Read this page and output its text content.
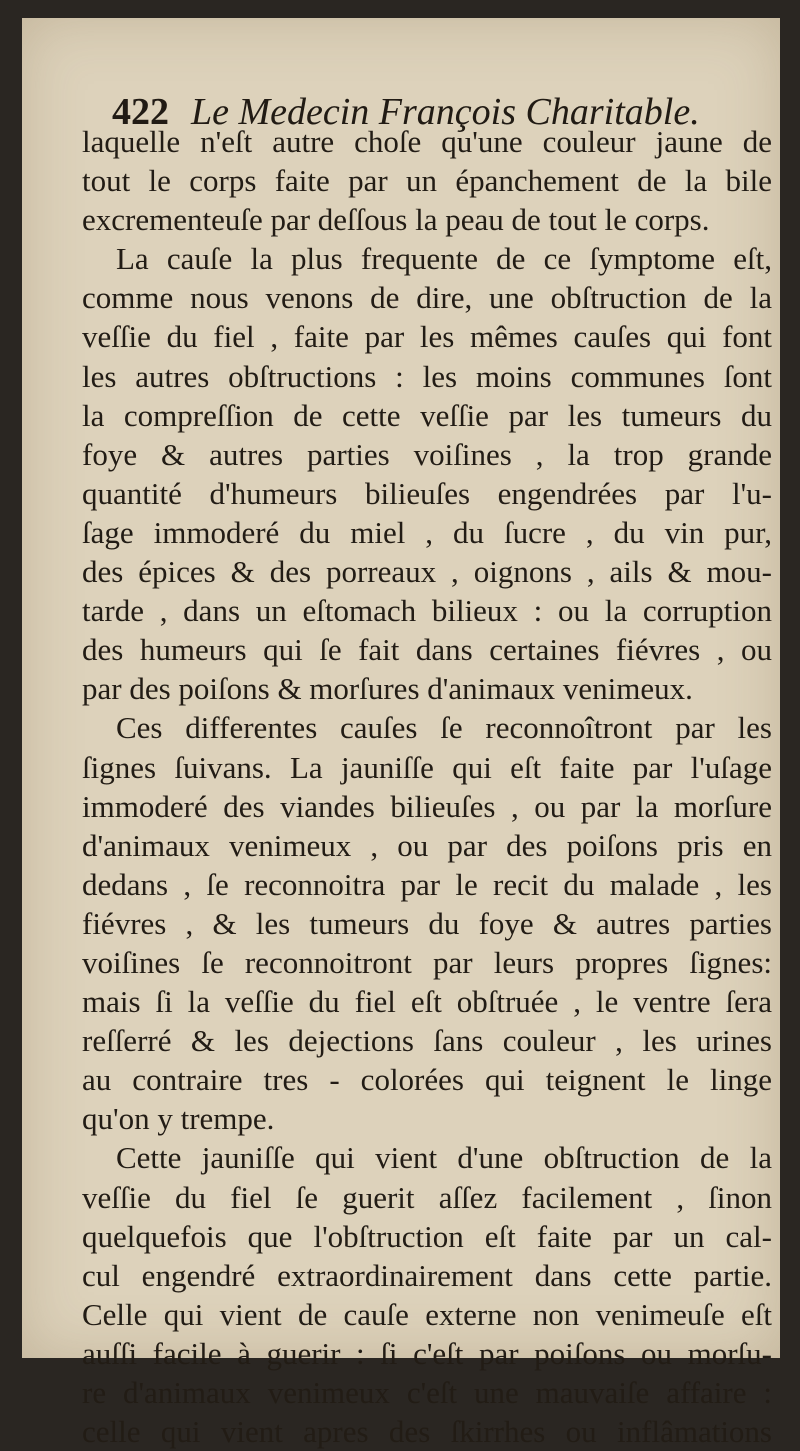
422 Le Medecin François Charitable.
laquelle n'eſt autre choſe qu'une couleur jaune de
tout le corps faite par un épanchement de la bile
excrementeuſe par deſſous la peau de tout le corps.
La cauſe la plus frequente de ce ſymptome eſt,
comme nous venons de dire, une obſtruction de la
veſſie du fiel , faite par les mêmes cauſes qui font
les autres obſtructions : les moins communes ſont
la compreſſion de cette veſſie par les tumeurs du
foye & autres parties voiſines , la trop grande
quantité d'humeurs bilieuſes engendrées par l'u-
ſage immoderé du miel , du ſucre , du vin pur,
des épices & des porreaux , oignons , ails & mou-
tarde , dans un eſtomach bilieux : ou la corruption
des humeurs qui ſe fait dans certaines fiévres , ou
par des poiſons & morſures d'animaux venimeux.
Ces differentes cauſes ſe reconnoîtront par les
ſignes ſuivans. La jauniſſe qui eſt faite par l'uſage
immoderé des viandes bilieuſes , ou par la morſure
d'animaux venimeux , ou par des poiſons pris en
dedans , ſe reconnoitra par le recit du malade , les
fiévres , & les tumeurs du foye & autres parties
voiſines ſe reconnoitront par leurs propres ſignes:
mais ſi la veſſie du fiel eſt obſtruée , le ventre ſera
reſſerré & les dejections ſans couleur , les urines
au contraire tres - colorées qui teignent le linge
qu'on y trempe.
Cette jauniſſe qui vient d'une obſtruction de la
veſſie du fiel ſe guerit aſſez facilement , ſinon
quelquefois que l'obſtruction eſt faite par un cal-
cul engendré extraordinairement dans cette partie.
Celle qui vient de cauſe externe non venimeuſe eſt
auſſi facile à guerir : ſi c'eſt par poiſons ou morſu-
re d'animaux venimeux c'eſt une mauvaiſe affaire :
celle qui vient apres des ſkirrhes ou inflâmations
